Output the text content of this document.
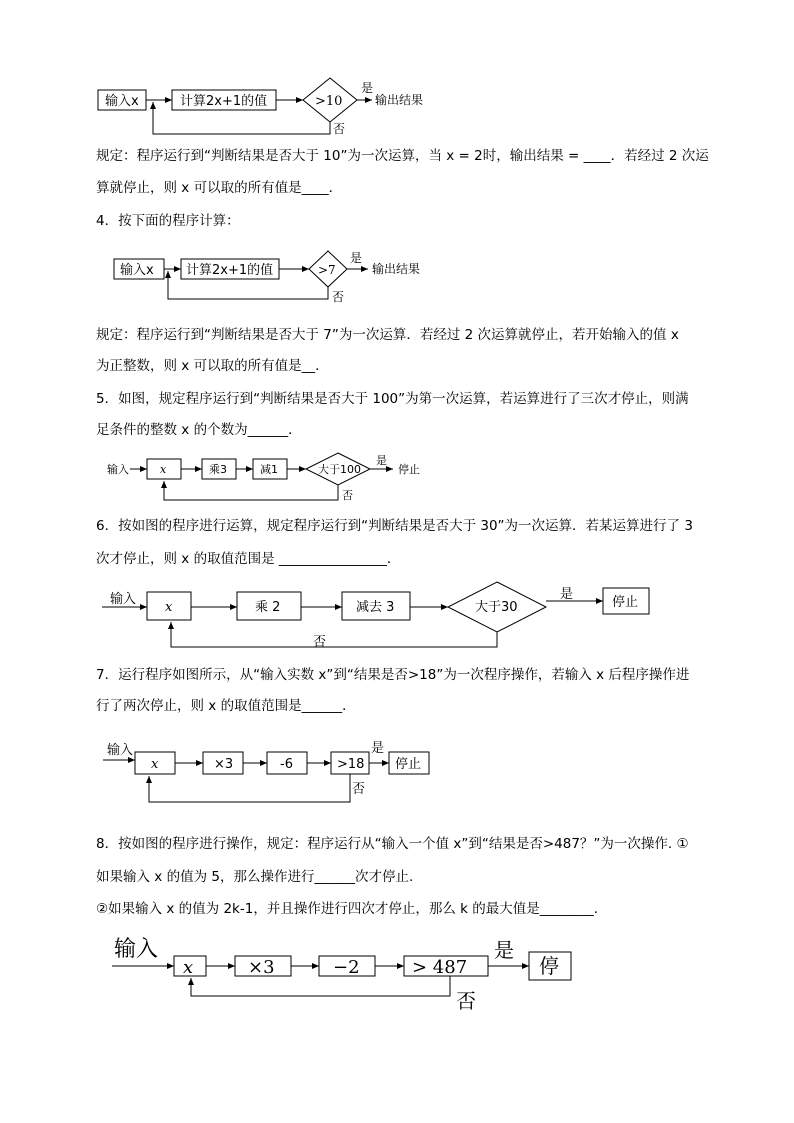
输入x	计算2x+1的值	>10
是
输出结果
否
规定：程序运行到“判断结果是否大于 10”为一次运算，当 x = 2时，输出结果 = ____．若经过 2 次运
算就停止，则 x 可以取的所有值是____．
4．按下面的程序计算：
输入x 计算2x+1的值	>7
是
输出结果
否
规定：程序运行到“判断结果是否大于 7”为一次运算．若经过 2 次运算就停止，若开始输入的值 x
为正整数，则 x 可以取的所有值是__．
5．如图，规定程序运行到“判断结果是否大于 100”为第一次运算，若运算进行了三次才停止，则满
足条件的整数 x 的个数为______．
输入	x	乘3	减1	大于100
是
停止
否
6．按如图的程序进行运算，规定程序运行到“判断结果是否大于 30”为一次运算．若某运算进行了 3
次才停止，则 x 的取值范围是 ________________．
输入
x	乘 2	减去 3	大于30
是
停止
否
7．运行程序如图所示，从“输入实数 x”到“结果是否>18”为一次程序操作，若输入 x 后程序操作进
行了两次停止，则 x 的取值范围是______．
输入
x	×3	-6	>18
是
停止
否
8．按如图的程序进行操作，规定：程序运行从“输入一个值 x”到“结果是否>487？”为一次操作. ①
如果输入 x 的值为 5，那么操作进行______次才停止.
②如果输入 x 的值为 2k-1，并且操作进行四次才停止，那么 k 的最大值是________．
输入
x	×3	−2	> 487
是
停
否
